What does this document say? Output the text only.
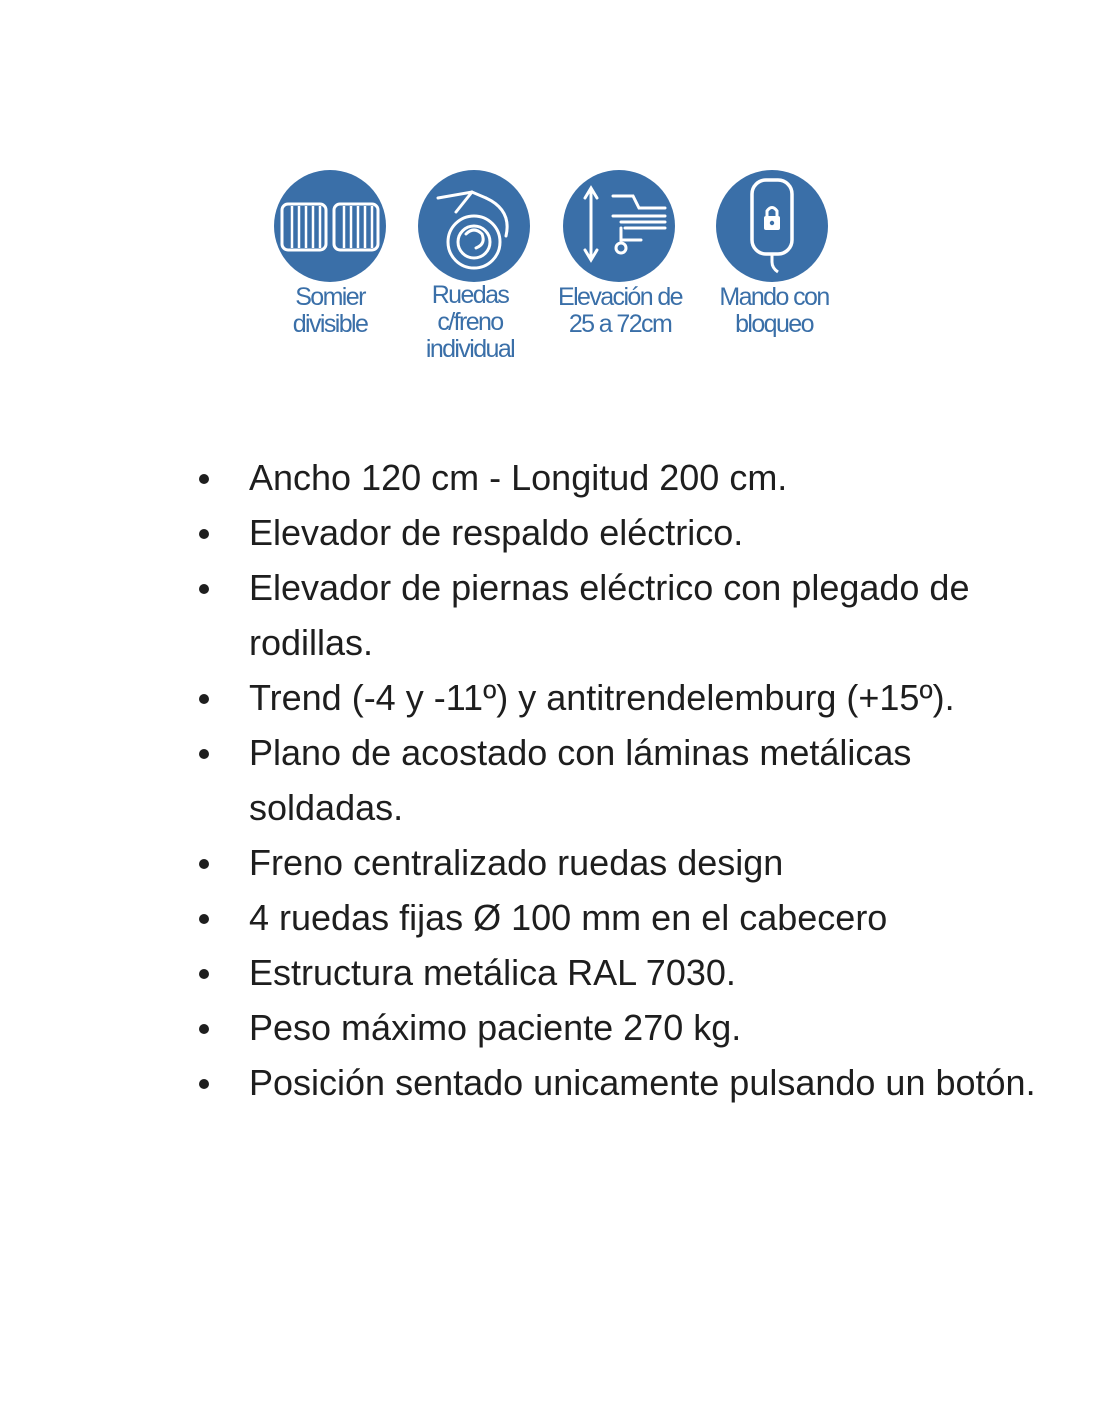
Somier
divisible
Ruedas
c/freno
individual
Elevación de
25 a 72cm
Mando con
bloqueo
Ancho 120 cm - Longitud 200 cm.
Elevador de respaldo eléctrico.
Elevador de piernas eléctrico con plegado de rodillas.
Trend (-4 y -11º) y antitrendelemburg (+15º).
Plano de acostado con láminas metálicas soldadas.
Freno centralizado ruedas design
4 ruedas fijas Ø 100 mm en el cabecero
Estructura metálica RAL 7030.
Peso máximo paciente 270 kg.
Posición sentado unicamente pulsando un botón.
